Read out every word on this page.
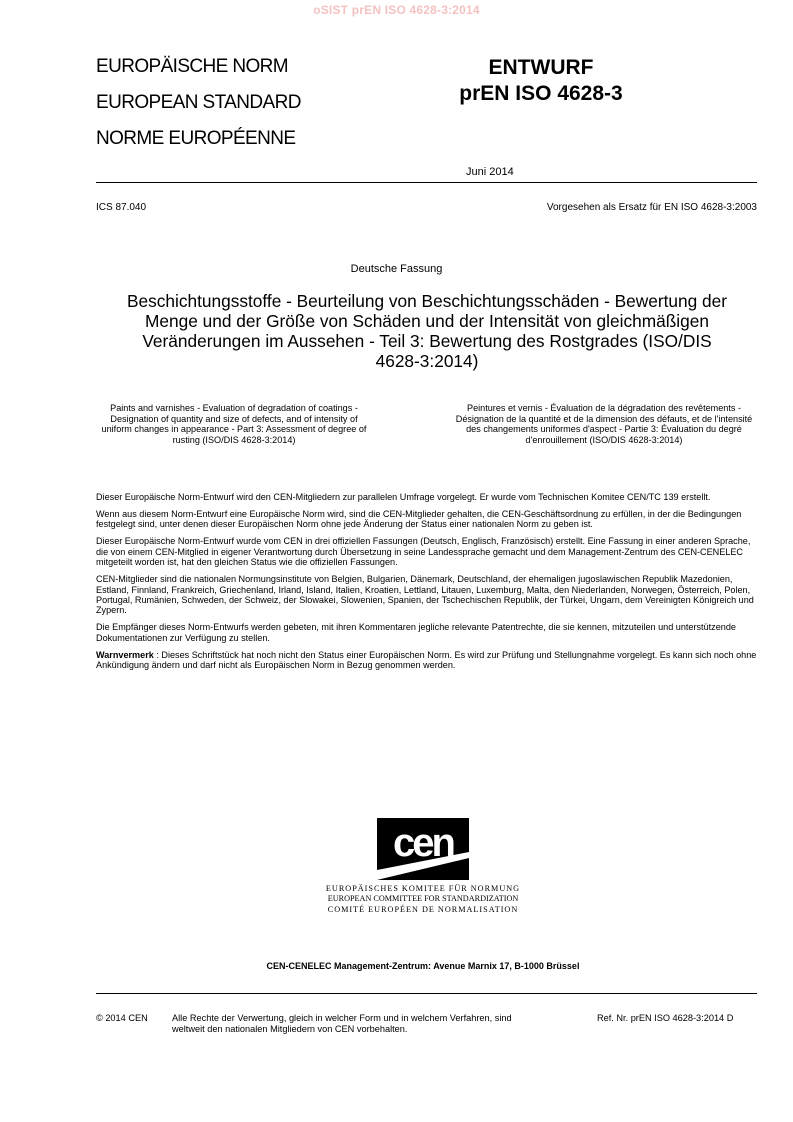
oSIST prEN ISO 4628-3:2014
EUROPÄISCHE NORM
EUROPEAN STANDARD
NORME EUROPÉENNE
ENTWURF
prEN ISO 4628-3
Juni 2014
ICS 87.040	Vorgesehen als Ersatz für EN ISO 4628-3:2003
Deutsche Fassung
Beschichtungsstoffe - Beurteilung von Beschichtungsschäden - Bewertung der Menge und der Größe von Schäden und der Intensität von gleichmäßigen Veränderungen im Aussehen - Teil 3: Bewertung des Rostgrades (ISO/DIS 4628-3:2014)
Paints and varnishes - Evaluation of degradation of coatings - Designation of quantity and size of defects, and of intensity of uniform changes in appearance - Part 3: Assessment of degree of rusting (ISO/DIS 4628-3:2014)
Peintures et vernis - Évaluation de la dégradation des revêtements - Désignation de la quantité et de la dimension des défauts, et de l'intensité des changements uniformes d'aspect - Partie 3: Évaluation du degré d'enrouillement (ISO/DIS 4628-3:2014)

Dieser Europäische Norm-Entwurf wird den CEN-Mitgliedern zur parallelen Umfrage vorgelegt. Er wurde vom Technischen Komitee CEN/TC 139 erstellt.

Wenn aus diesem Norm-Entwurf eine Europäische Norm wird, sind die CEN-Mitglieder gehalten, die CEN-Geschäftsordnung zu erfüllen, in der die Bedingungen festgelegt sind, unter denen dieser Europäischen Norm ohne jede Änderung der Status einer nationalen Norm zu geben ist.

Dieser Europäische Norm-Entwurf wurde vom CEN in drei offiziellen Fassungen (Deutsch, Englisch, Französisch) erstellt. Eine Fassung in einer anderen Sprache, die von einem CEN-Mitglied in eigener Verantwortung durch Übersetzung in seine Landessprache gemacht und dem Management-Zentrum des CEN-CENELEC mitgeteilt worden ist, hat den gleichen Status wie die offiziellen Fassungen.

CEN-Mitglieder sind die nationalen Normungsinstitute von Belgien, Bulgarien, Dänemark, Deutschland, der ehemaligen jugoslawischen Republik Mazedonien, Estland, Finnland, Frankreich, Griechenland, Irland, Island, Italien, Kroatien, Lettland, Litauen, Luxemburg, Malta, den Niederlanden, Norwegen, Österreich, Polen, Portugal, Rumänien, Schweden, der Schweiz, der Slowakei, Slowenien, Spanien, der Tschechischen Republik, der Türkei, Ungarn, dem Vereinigten Königreich und Zypern.

Die Empfänger dieses Norm-Entwurfs werden gebeten, mit ihren Kommentaren jegliche relevante Patentrechte, die sie kennen, mitzuteilen und unterstützende Dokumentationen zur Verfügung zu stellen.

Warnvermerk : Dieses Schriftstück hat noch nicht den Status einer Europäischen Norm. Es wird zur Prüfung und Stellungnahme vorgelegt. Es kann sich noch ohne Ankündigung ändern und darf nicht als Europäischen Norm in Bezug genommen werden.

cen
EUROPÄISCHES KOMITEE FÜR NORMUNG
EUROPEAN COMMITTEE FOR STANDARDIZATION
COMITÉ EUROPÉEN DE NORMALISATION
CEN-CENELEC Management-Zentrum: Avenue Marnix 17, B-1000 Brüssel
© 2014 CEN	Alle Rechte der Verwertung, gleich in welcher Form und in welchem Verfahren, sind weltweit den nationalen Mitgliedern von CEN vorbehalten.
Ref. Nr. prEN ISO 4628-3:2014 D
